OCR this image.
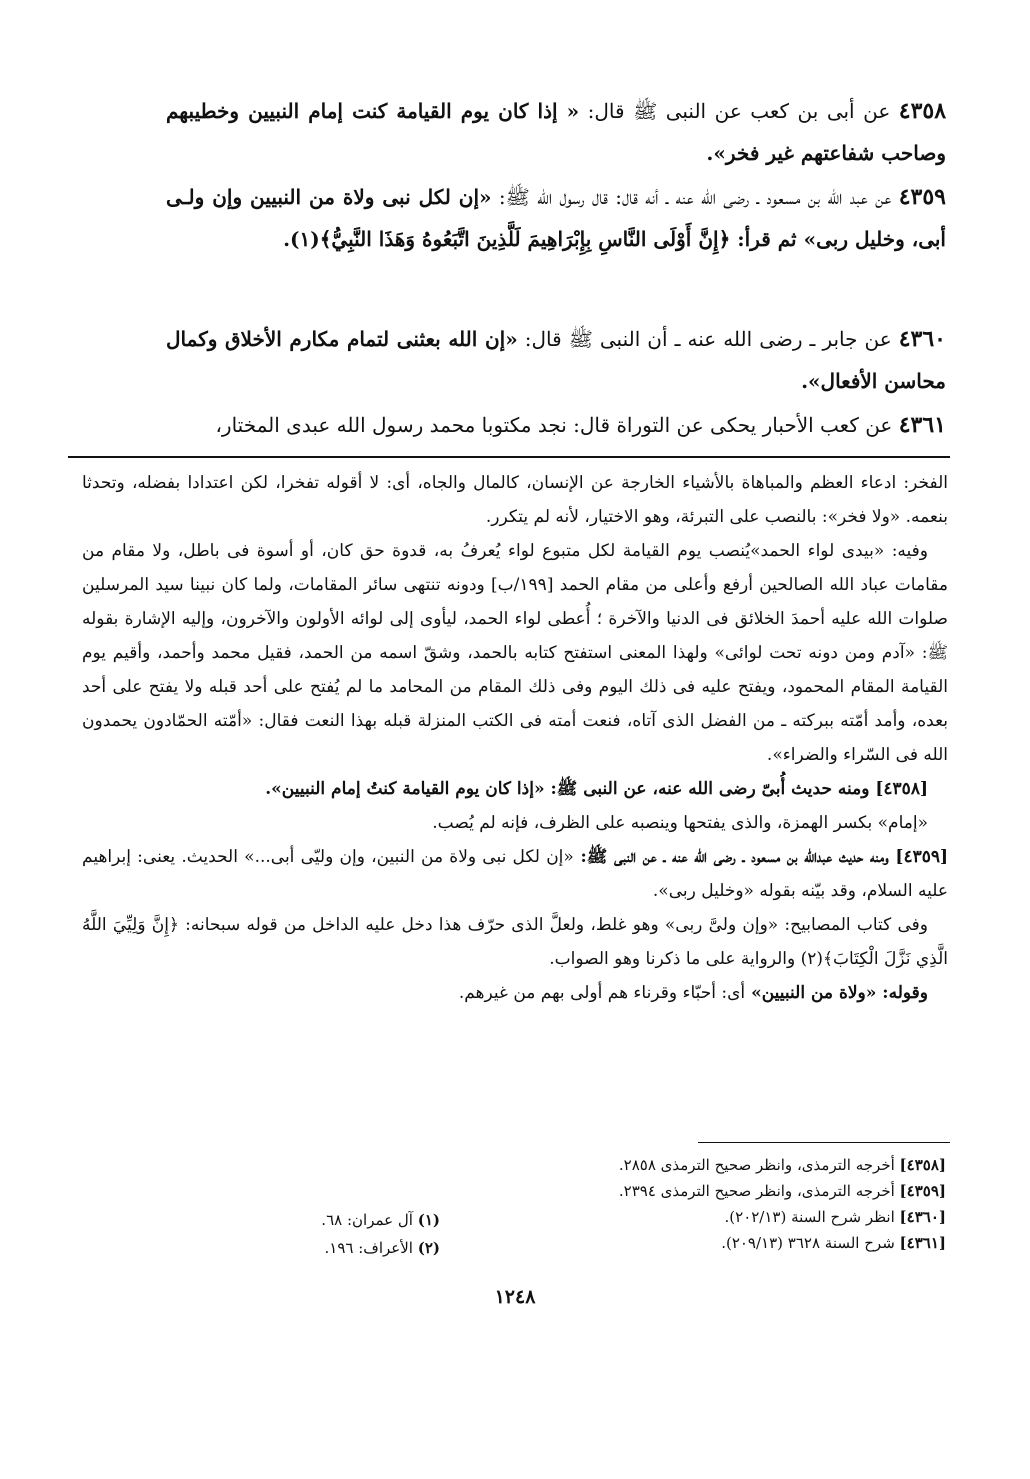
٤٣٥٨ عن أبى بن كعب عن النبى ﷺ قال: « إذا كان يوم القيامة كنت إمام النبيين وخطيبهم وصاحب شفاعتهم غير فخر».
٤٣٥٩ عن عبد الله بن مسعود ـ رضى الله عنه ـ أنه قال: قال رسول الله ﷺ: «إن لكل نبى ولاة من النبيين وإن ولـى أبى، وخليل ربى» ثم قرأ: ﴿إِنَّ أَوْلَى النَّاسِ بِإِبْرَاهِيمَ لَلَّذِينَ اتَّبَعُوهُ وَهَذَا النَّبِيُّ﴾(١).
٤٣٦٠ عن جابر ـ رضى الله عنه ـ أن النبى ﷺ قال: «إن الله بعثنى لتمام مكارم الأخلاق وكمال محاسن الأفعال».
٤٣٦١ عن كعب الأحبار يحكى عن التوراة قال: نجد مكتوبا محمد رسول الله عبدى المختار،

الفخر: ادعاء العظم والمباهاة بالأشياء الخارجة عن الإنسان، كالمال والجاه، أى: لا أقوله تفخرا، لكن اعتدادا بفضله، وتحدثا بنعمه. «ولا فخر»: بالنصب على التبرئة، وهو الاختيار، لأنه لم يتكرر.

وفيه: «بيدى لواء الحمد»يُنصب يوم القيامة لكل متبوع لواء يُعرفُ به، قدوة حق كان، أو أسوة فى باطل، ولا مقام من مقامات عباد الله الصالحين أرفع وأعلى من مقام الحمد [١٩٩/ب] ودونه تنتهى سائر المقامات، ولما كان نبينا سيد المرسلين صلوات الله عليه أحمدَ الخلائق فى الدنيا والآخرة ؛ أُعطى لواء الحمد، ليأوى إلى لوائه الأولون والآخرون، وإليه الإشارة بقوله ﷺ: «آدم ومن دونه تحت لوائى» ولهذا المعنى استفتح كتابه بالحمد، وشقّ اسمه من الحمد، فقيل محمد وأحمد، وأقيم يوم القيامة المقام المحمود، ويفتح عليه فى ذلك اليوم وفى ذلك المقام من المحامد ما لم يُفتح على أحد قبله ولا يفتح على أحد بعده، وأمد أمّته ببركته ـ من الفضل الذى آتاه، فنعت أمته فى الكتب المنزلة قبله بهذا النعت فقال: «أمّته الحمّادون يحمدون الله فى السّراء والضراء».

[٤٣٥٨] ومنه حديث أُبىّ رضى الله عنه، عن النبى ﷺ: «إذا كان يوم القيامة كنتُ إمام النبيين».

«إمام» بكسر الهمزة، والذى يفتحها وينصبه على الظرف، فإنه لم يُصب.

[٤٣٥٩] ومنه حديث عبدالله بن مسعود ـ رضى الله عنه ـ عن النبى ﷺ: «إن لكل نبى ولاة من النبين، وإن وليّى أبى...» الحديث. يعنى: إبراهيم عليه السلام، وقد بيّنه بقوله «وخليل ربى».

وفى كتاب المصابيح: «وإن ولىَّ ربى» وهو غلط، ولعلَّ الذى حرّف هذا دخل عليه الداخل من قوله سبحانه: ﴿إِنَّ وَلِيِّيَ اللَّهُ الَّذِي نَزَّلَ الْكِتَابَ﴾(٢) والرواية على ما ذكرنا وهو الصواب.

وقوله: «ولاة من النبيين» أى: أحبّاء وقرناء هم أولى بهم من غيرهم.

[٤٣٥٨] أخرجه الترمذى، وانظر صحيح الترمذى ٢٨٥٨.
[٤٣٥٩] أخرجه الترمذى، وانظر صحيح الترمذى ٢٣٩٤.
[٤٣٦٠] انظر شرح السنة (٢٠٢/١٣).
[٤٣٦١] شرح السنة ٣٦٢٨ (٢٠٩/١٣).
(١) آل عمران: ٦٨.
(٢) الأعراف: ١٩٦.
١٢٤٨
